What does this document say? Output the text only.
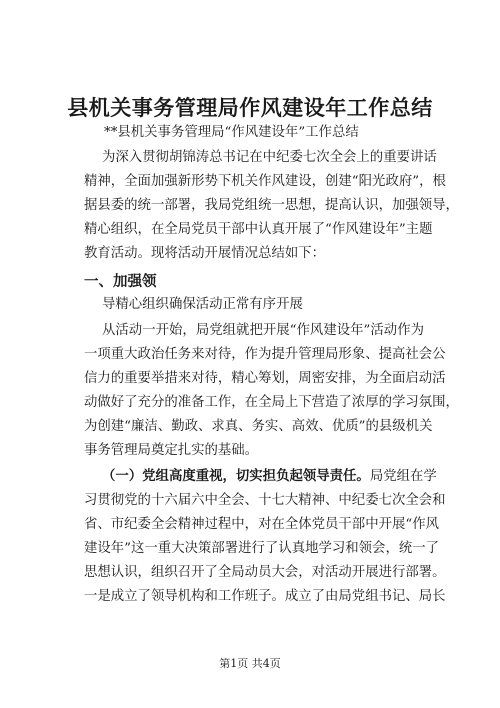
县机关事务管理局作风建设年工作总结
**县机关事务管理局“作风建设年”工作总结
为深入贯彻胡锦涛总书记在中纪委七次全会上的重要讲话
精神，全面加强新形势下机关作风建设，创建“阳光政府”，根
据县委的统一部署，我局党组统一思想，提高认识，加强领导，
精心组织，在全局党员干部中认真开展了“作风建设年”主题
教育活动。现将活动开展情况总结如下：
一、加强领
导精心组织确保活动正常有序开展
从活动一开始，局党组就把开展“作风建设年”活动作为
一项重大政治任务来对待，作为提升管理局形象、提高社会公
信力的重要举措来对待，精心筹划，周密安排，为全面启动活
动做好了充分的准备工作，在全局上下营造了浓厚的学习氛围，
为创建“廉洁、勤政、求真、务实、高效、优质”的县级机关
事务管理局奠定扎实的基础。
（一）党组高度重视，切实担负起领导责任。局党组在学
习贯彻党的十六届六中全会、十七大精神、中纪委七次全会和
省、市纪委全会精神过程中，对在全体党员干部中开展“作风
建设年”这一重大决策部署进行了认真地学习和领会，统一了
思想认识，组织召开了全局动员大会，对活动开展进行部署。
一是成立了领导机构和工作班子。成立了由局党组书记、局长
第1页 共4页
